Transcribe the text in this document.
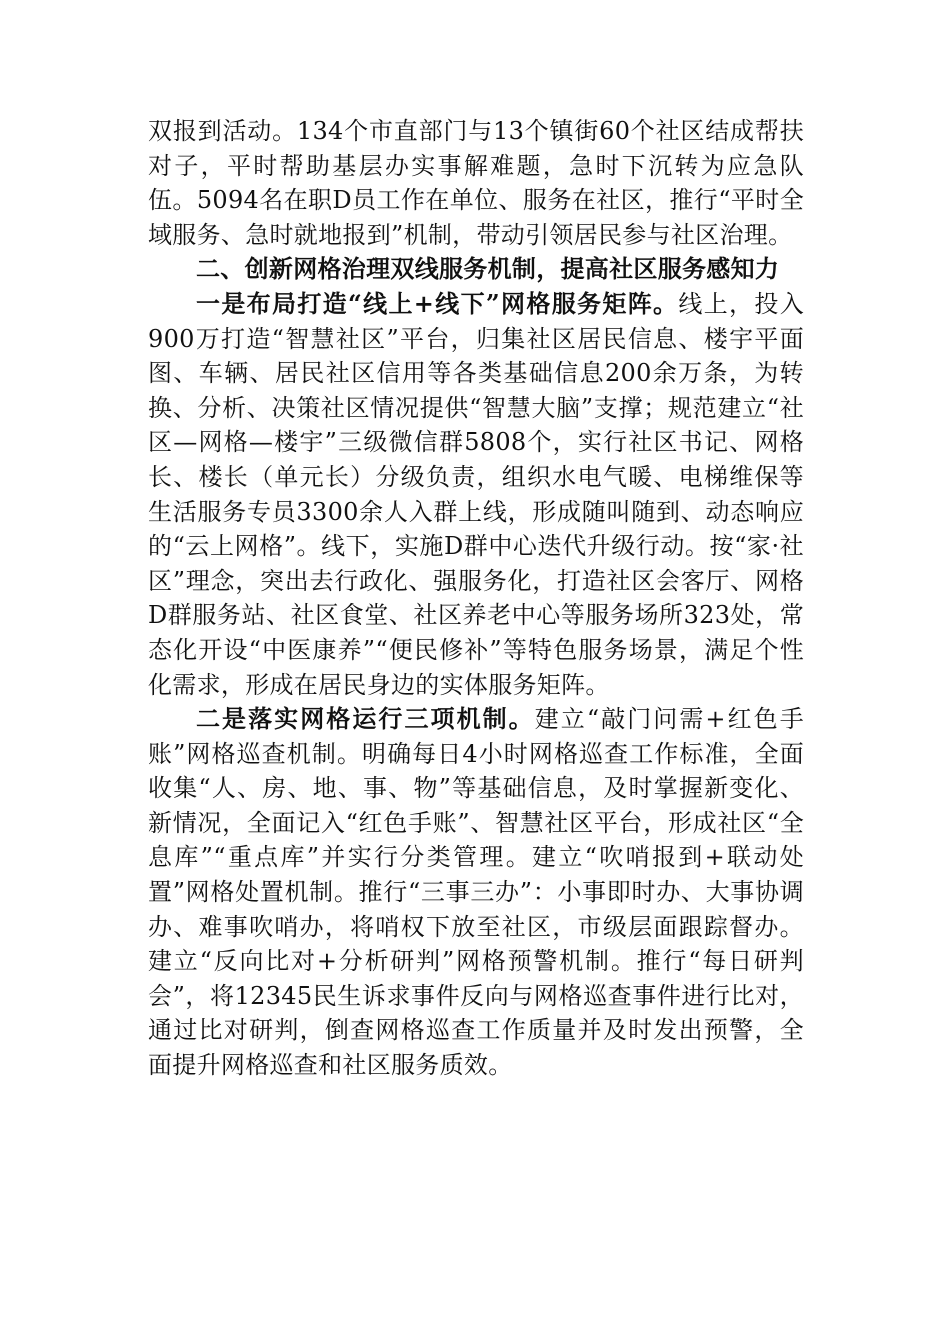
双报到活动。134个市直部门与13个镇街60个社区结成帮扶对子，平时帮助基层办实事解难题，急时下沉转为应急队伍。5094名在职D员工作在单位、服务在社区，推行“平时全域服务、急时就地报到”机制，带动引领居民参与社区治理。

二、创新网格治理双线服务机制，提高社区服务感知力

一是布局打造“线上+线下”网格服务矩阵。线上，投入900万打造“智慧社区”平台，归集社区居民信息、楼宇平面图、车辆、居民社区信用等各类基础信息200余万条，为转换、分析、决策社区情况提供“智慧大脑”支撑；规范建立“社区—网格—楼宇”三级微信群5808个，实行社区书记、网格长、楼长（单元长）分级负责，组织水电气暖、电梯维保等生活服务专员3300余人入群上线，形成随叫随到、动态响应的“云上网格”。线下，实施D群中心迭代升级行动。按“家·社区”理念，突出去行政化、强服务化，打造社区会客厅、网格D群服务站、社区食堂、社区养老中心等服务场所323处，常态化开设“中医康养”“便民修补”等特色服务场景，满足个性化需求，形成在居民身边的实体服务矩阵。

二是落实网格运行三项机制。建立“敲门问需+红色手账”网格巡查机制。明确每日4小时网格巡查工作标准，全面收集“人、房、地、事、物”等基础信息，及时掌握新变化、新情况，全面记入“红色手账”、智慧社区平台，形成社区“全息库”“重点库”并实行分类管理。建立“吹哨报到+联动处置”网格处置机制。推行“三事三办”：小事即时办、大事协调办、难事吹哨办，将哨权下放至社区，市级层面跟踪督办。建立“反向比对+分析研判”网格预警机制。推行“每日研判会”，将12345民生诉求事件反向与网格巡查事件进行比对，通过比对研判，倒查网格巡查工作质量并及时发出预警，全面提升网格巡查和社区服务质效。
